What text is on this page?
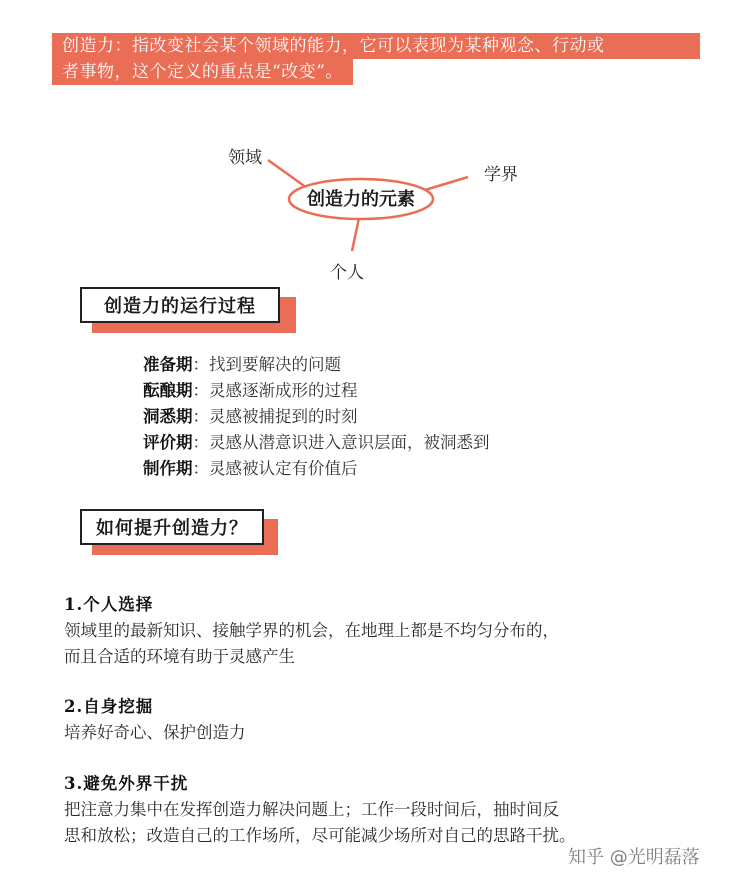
创造力：指改变社会某个领域的能力，它可以表现为某种观念、行动或
者事物，这个定义的重点是“改变”。
创造力的元素
领域
学界
个人
创造力的运行过程
准备期：找到要解决的问题
酝酿期：灵感逐渐成形的过程
洞悉期：灵感被捕捉到的时刻
评价期：灵感从潜意识进入意识层面，被洞悉到
制作期：灵感被认定有价值后
如何提升创造力？
1.个人选择
领域里的最新知识、接触学界的机会，在地理上都是不均匀分布的，
而且合适的环境有助于灵感产生
2.自身挖掘
培养好奇心、保护创造力
3.避免外界干扰
把注意力集中在发挥创造力解决问题上；工作一段时间后，抽时间反
思和放松；改造自己的工作场所，尽可能减少场所对自己的思路干扰。
知乎 @光明磊落
